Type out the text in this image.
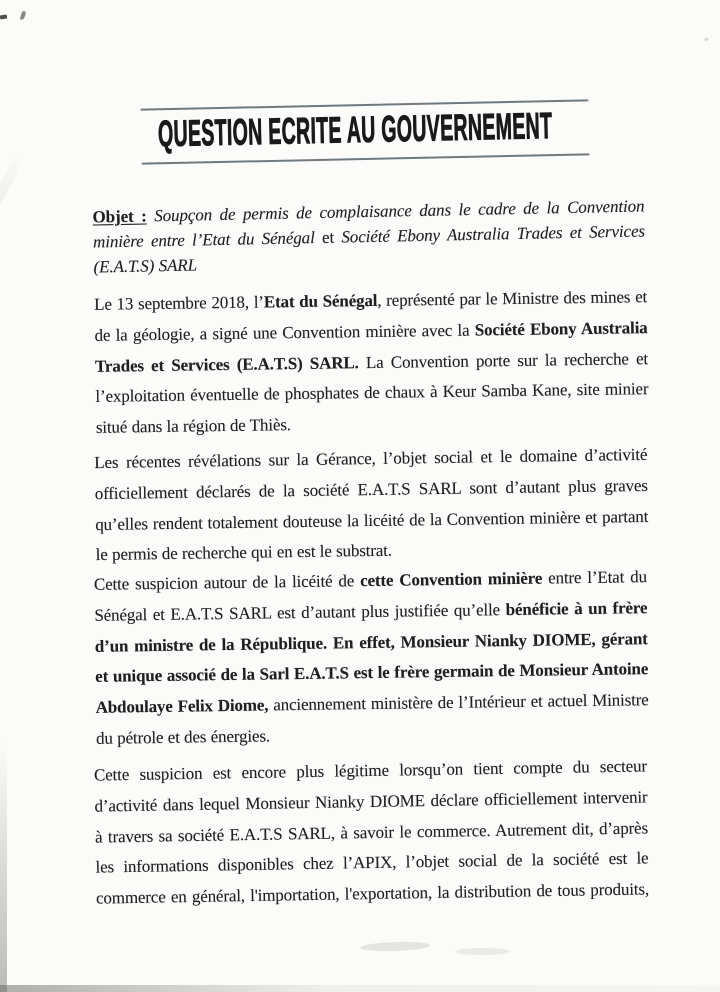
QUESTION ECRITE AU GOUVERNEMENT
Objet : Soupçon de permis de complaisance dans le cadre de la Convention
minière entre l’Etat du Sénégal et Société Ebony Australia Trades et Services
(E.A.T.S) SARL
Le 13 septembre 2018, l’Etat du Sénégal, représenté par le Ministre des mines et
de la géologie, a signé une Convention minière avec la Société Ebony Australia
Trades et Services (E.A.T.S) SARL. La Convention porte sur la recherche et
l’exploitation éventuelle de phosphates de chaux à Keur Samba Kane, site minier
situé dans la région de Thiès.
Les récentes révélations sur la Gérance, l’objet social et le domaine d’activité
officiellement déclarés de la société E.A.T.S SARL sont d’autant plus graves
qu’elles rendent totalement douteuse la licéité de la Convention minière et partant
le permis de recherche qui en est le substrat.
Cette suspicion autour de la licéité de cette Convention minière entre l’Etat du
Sénégal et E.A.T.S SARL est d’autant plus justifiée qu’elle bénéficie à un frère
d’un ministre de la République. En effet, Monsieur Nianky DIOME, gérant
et unique associé de la Sarl E.A.T.S est le frère germain de Monsieur Antoine
Abdoulaye Felix Diome, anciennement ministère de l’Intérieur et actuel Ministre
du pétrole et des énergies.
Cette suspicion est encore plus légitime lorsqu’on tient compte du secteur
d’activité dans lequel Monsieur Nianky DIOME déclare officiellement intervenir
à travers sa société E.A.T.S SARL, à savoir le commerce. Autrement dit, d’après
les informations disponibles chez l’APIX, l’objet social de la société est le
commerce en général, l'importation, l'exportation, la distribution de tous produits,
